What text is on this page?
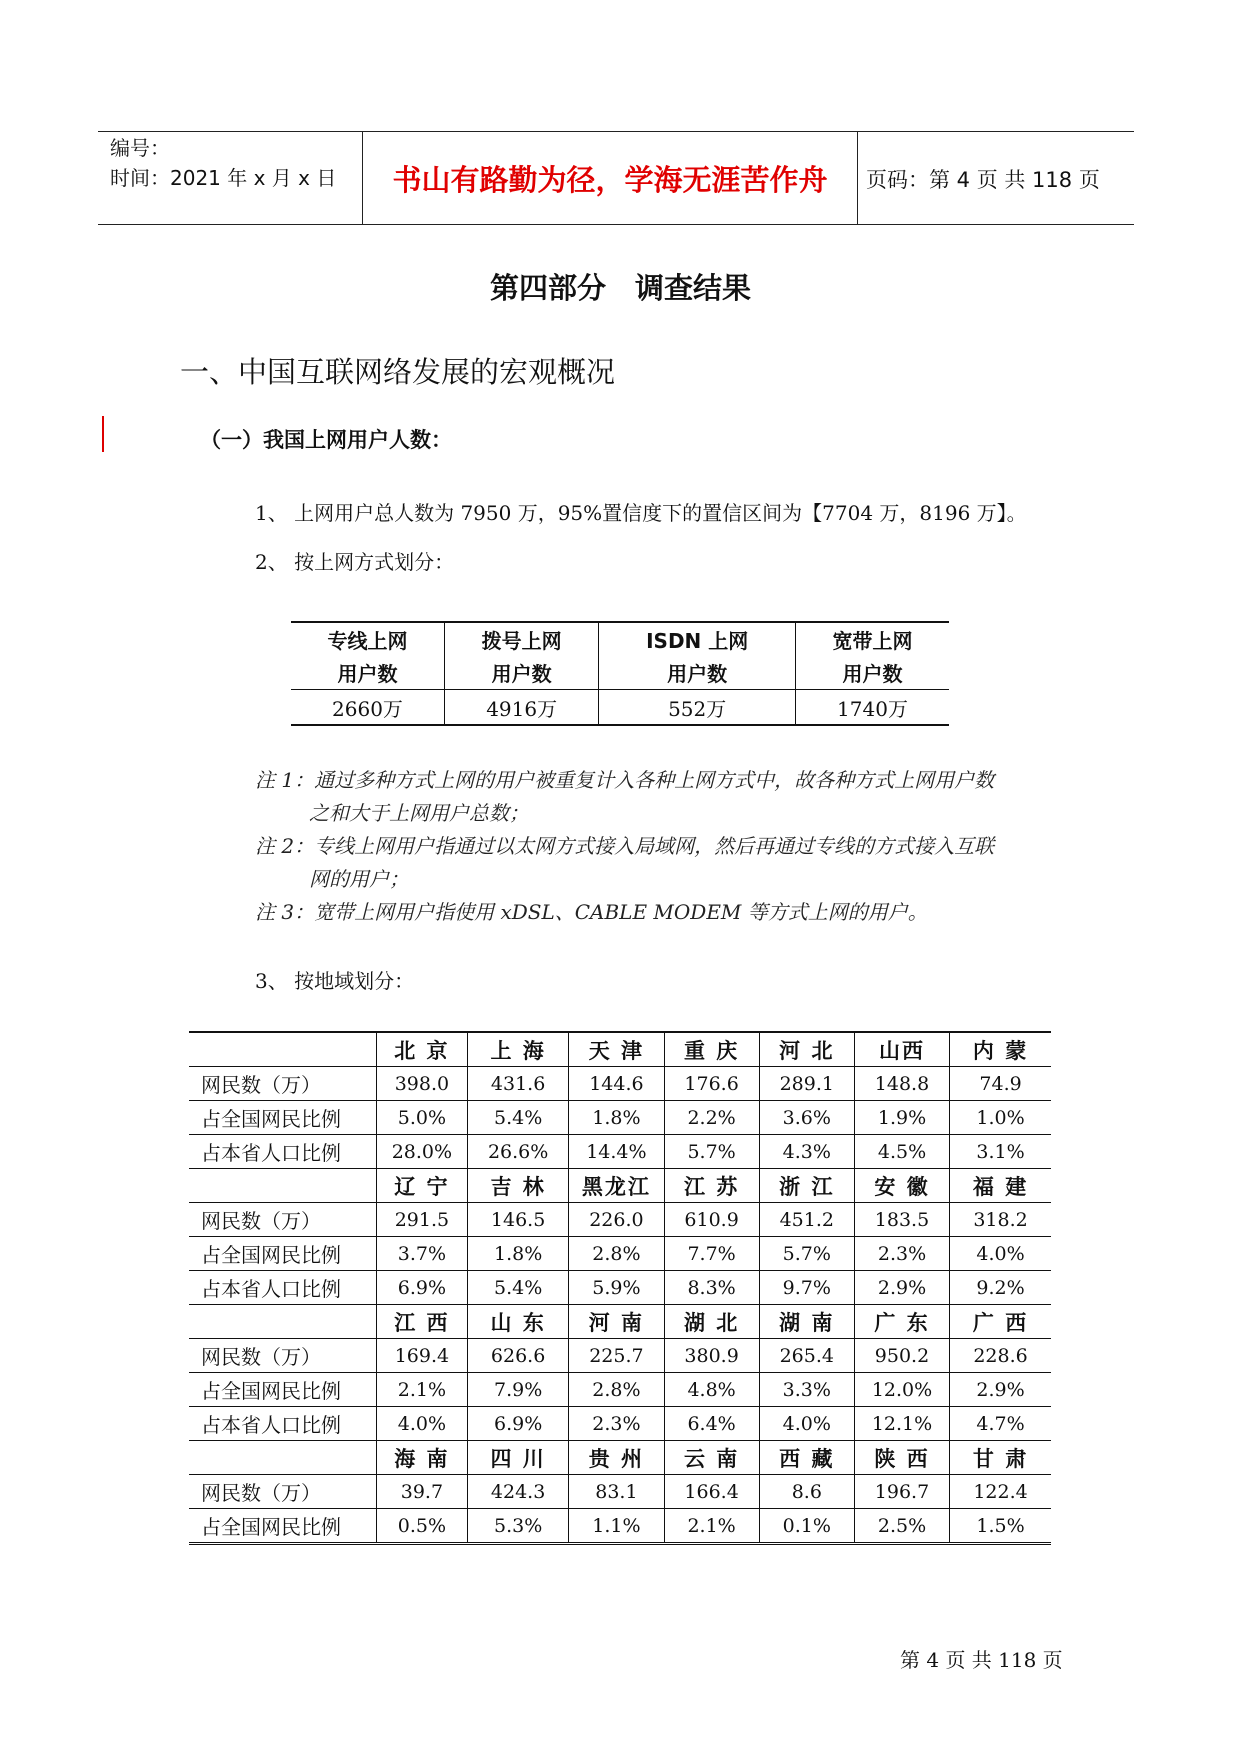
编号：
时间：2021 年 x 月 x 日	书山有路勤为径，学海无涯苦作舟	页码：第 4 页 共 118 页
第四部分　调查结果
一、中国互联网络发展的宏观概况
（一）我国上网用户人数：
1、 上网用户总人数为 7950 万，95%置信度下的置信区间为【7704 万，8196 万】。
2、 按上网方式划分：
专线上网	拨号上网	ISDN 上网	宽带上网
用户数	用户数	用户数	用户数
2660万	4916万	552万	1740万
注 1：通过多种方式上网的用户被重复计入各种上网方式中，故各种方式上网用户数
之和大于上网用户总数；
注 2：专线上网用户指通过以太网方式接入局域网，然后再通过专线的方式接入互联
网的用户；
注 3：宽带上网用户指使用 xDSL、CABLE MODEM 等方式上网的用户。
3、 按地域划分：
	北 京	上 海	天 津	重 庆	河 北	山西	内 蒙
网民数（万）	398.0	431.6	144.6	176.6	289.1	148.8	74.9
占全国网民比例	5.0%	5.4%	1.8%	2.2%	3.6%	1.9%	1.0%
占本省人口比例	28.0%	26.6%	14.4%	5.7%	4.3%	4.5%	3.1%
	辽 宁	吉 林	黑龙江	江 苏	浙 江	安 徽	福 建
网民数（万）	291.5	146.5	226.0	610.9	451.2	183.5	318.2
占全国网民比例	3.7%	1.8%	2.8%	7.7%	5.7%	2.3%	4.0%
占本省人口比例	6.9%	5.4%	5.9%	8.3%	9.7%	2.9%	9.2%
	江 西	山 东	河 南	湖 北	湖 南	广 东	广 西
网民数（万）	169.4	626.6	225.7	380.9	265.4	950.2	228.6
占全国网民比例	2.1%	7.9%	2.8%	4.8%	3.3%	12.0%	2.9%
占本省人口比例	4.0%	6.9%	2.3%	6.4%	4.0%	12.1%	4.7%
	海 南	四 川	贵 州	云 南	西 藏	陕 西	甘 肃
网民数（万）	39.7	424.3	83.1	166.4	8.6	196.7	122.4
占全国网民比例	0.5%	5.3%	1.1%	2.1%	0.1%	2.5%	1.5%
第 4 页 共 118 页
